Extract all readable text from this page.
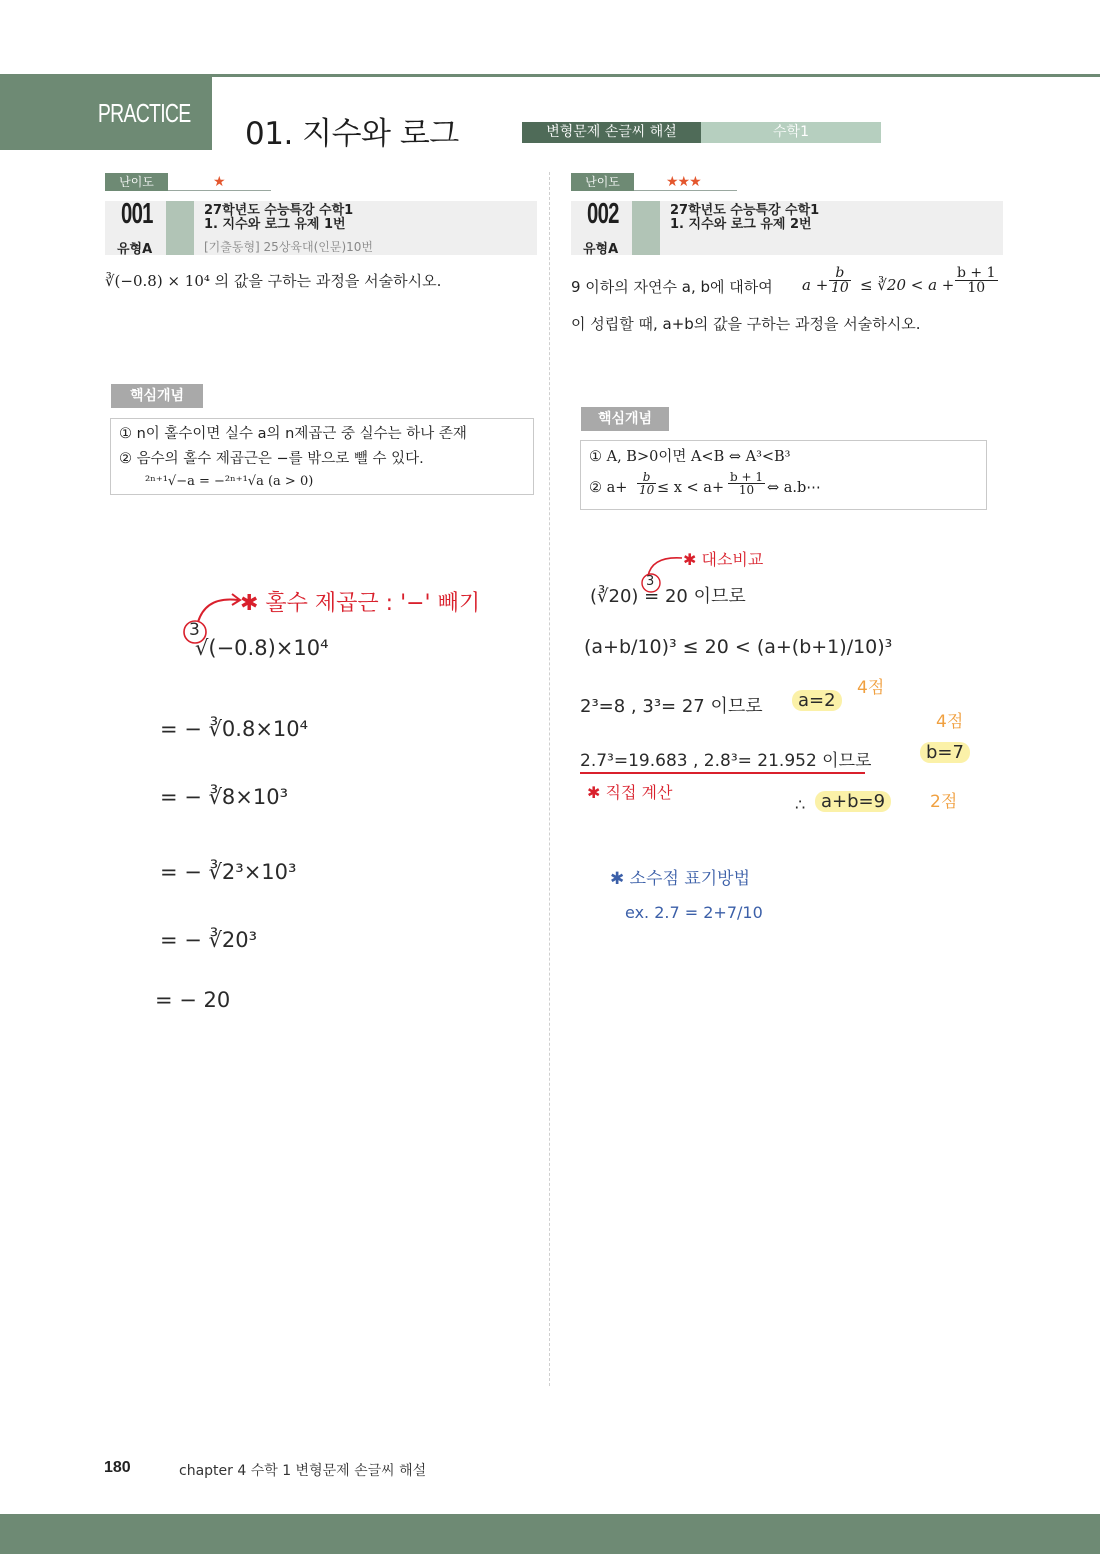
PRACTICE
01. 지수와 로그	변형문제 손글씨 해설	수학1
난이도	★
001
유형A
27학년도 수능특강 수학1
1. 지수와 로그 유제 1번
[기출동형] 25상육대(인문)10번
∛(−0.8) × 10⁴ 의 값을 구하는 과정을 서술하시오.
핵심개념
① n이 홀수이면 실수 a의 n제곱근 중 실수는 하나 존재
② 음수의 홀수 제곱근은 −를 밖으로 뺄 수 있다.
²ⁿ⁺¹√−a = −²ⁿ⁺¹√a (a > 0)
✱ 홀수 제곱근 : '−' 빼기
3
√(−0.8)×10⁴
= − ∛0.8×10⁴
= − ∛8×10³
= − ∛2³×10³
= − ∛20³
= − 20
난이도	★★★
002
유형A
27학년도 수능특강 수학1
1. 지수와 로그 유제 2번
9 이하의 자연수 a, b에 대하여 $a + \frac{b}{10}$ ≤ ∛20 < $a + \frac{b + 1}{10}$
이 성립할 때, a+b의 값을 구하는 과정을 서술하시오.
핵심개념
① A, B>0이면 A<B ⇔ A³<B³
② $a+ \frac{b}{10} \le x < a+ \frac{b + 1}{10}$ ⇔ a.b⋯
✱ 대소비교
3
(∛20) = 20 이므로
(a+b/10)³ ≤ 20 < (a+(b+1)/10)³
2³=8 , 3³= 27 이므로	a=2
4점
4점
2.7³=19.683 , 2.8³= 21.952 이므로	b=7
✱ 직접 계산
∴ a+b=9	2점
✱ 소수점 표기방법
ex. 2.7 = 2+7/10
180	chapter 4 수학 1 변형문제 손글씨 해설
